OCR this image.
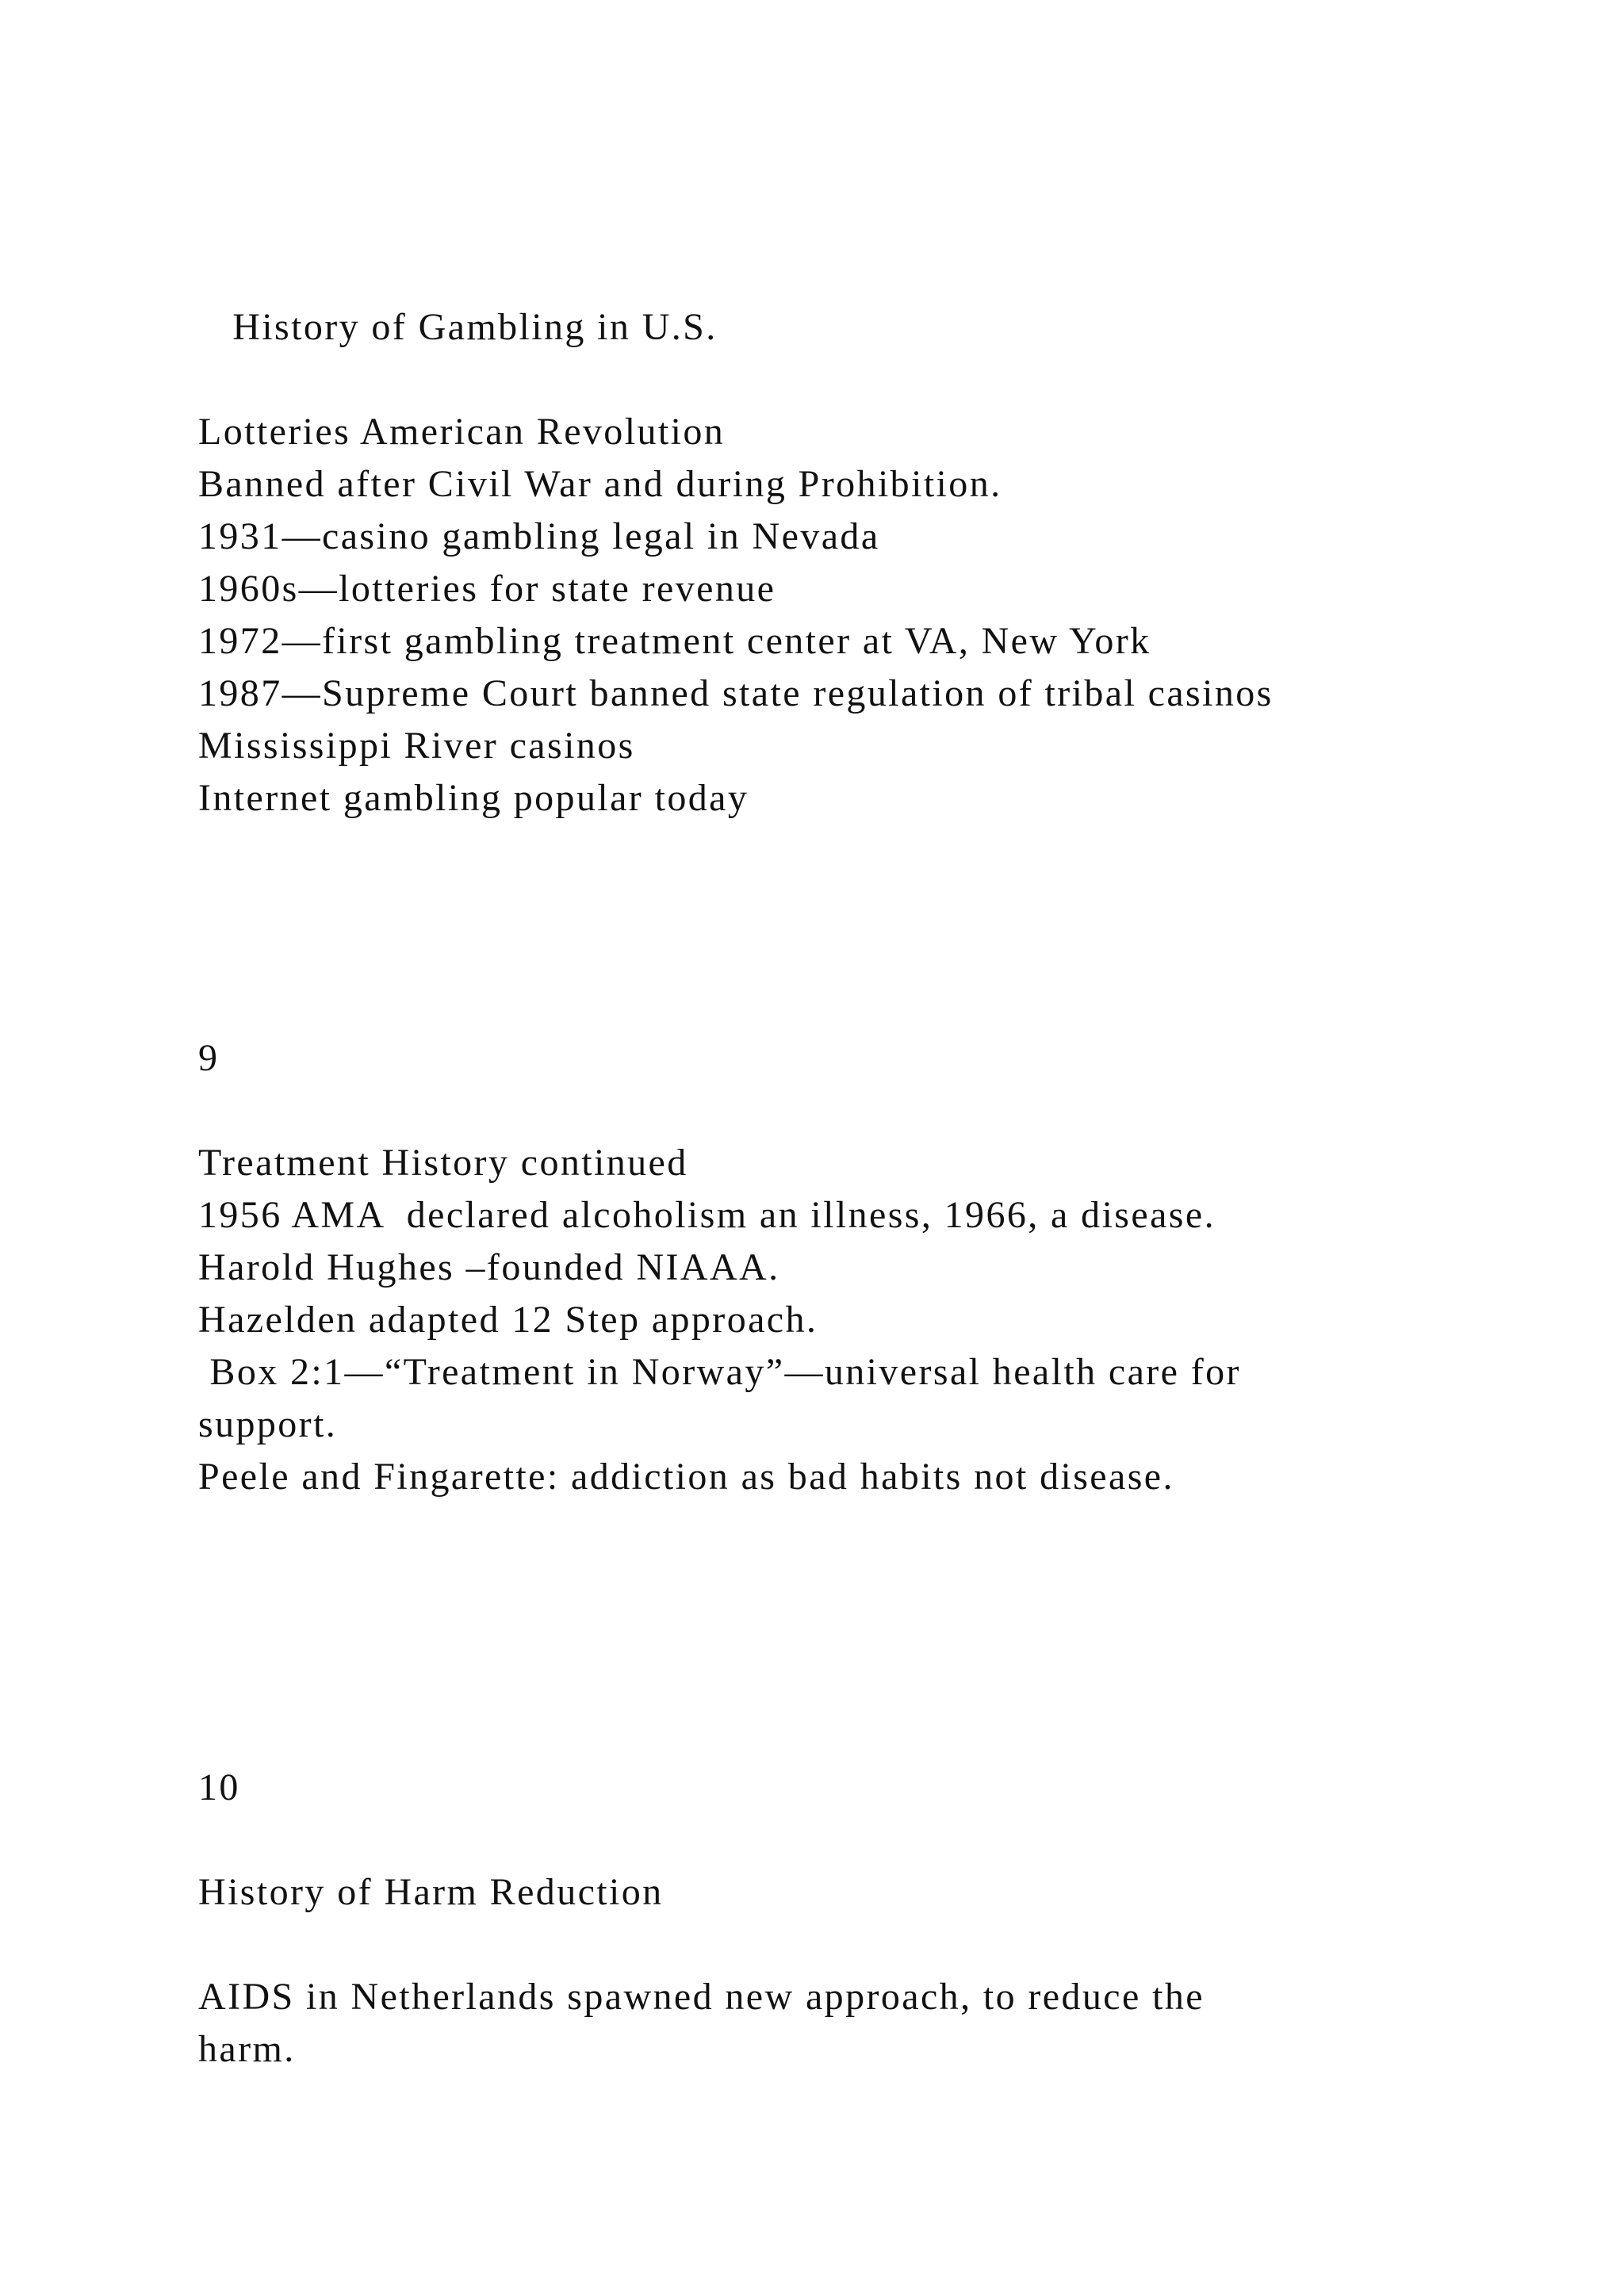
History of Gambling in U.S.
Lotteries American Revolution
Banned after Civil War and during Prohibition.
1931—casino gambling legal in Nevada
1960s—lotteries for state revenue
1972—first gambling treatment center at VA, New York
1987—Supreme Court banned state regulation of tribal casinos
Mississippi River casinos
Internet gambling popular today
9
Treatment History continued
1956 AMA  declared alcoholism an illness, 1966, a disease.
Harold Hughes –founded NIAAA.
Hazelden adapted 12 Step approach.
Box 2:1—“Treatment in Norway”—universal health care for
support.
Peele and Fingarette: addiction as bad habits not disease.
10
History of Harm Reduction
AIDS in Netherlands spawned new approach, to reduce the
harm.
